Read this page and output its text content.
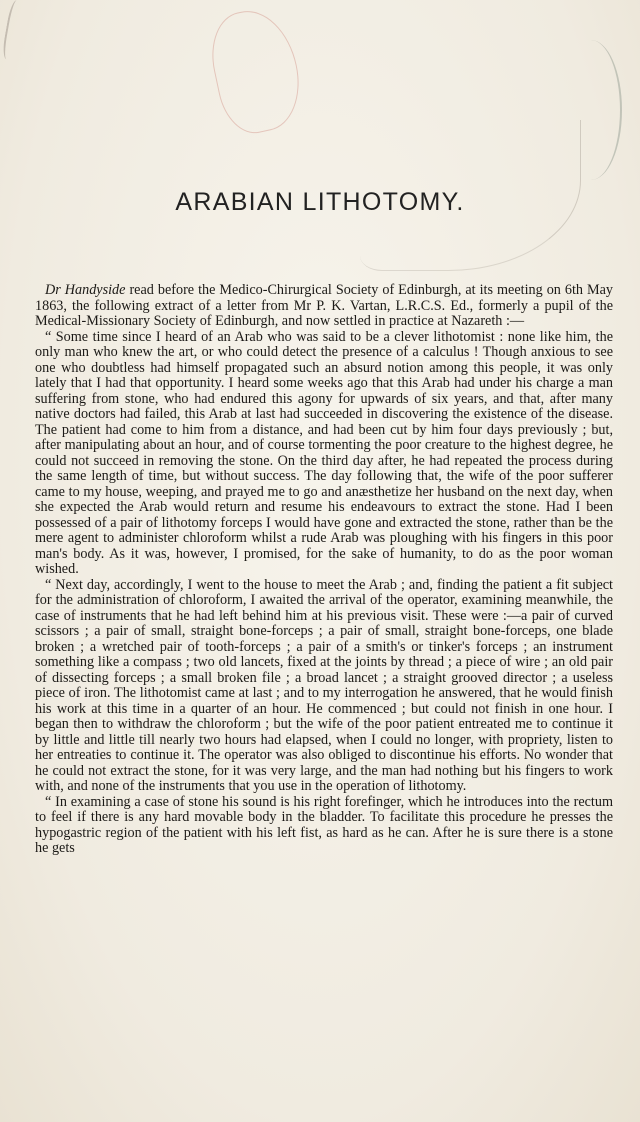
ARABIAN LITHOTOMY.

Dr Handyside read before the Medico-Chirurgical Society of Edinburgh, at its meeting on 6th May 1863, the following extract of a letter from Mr P. K. Vartan, L.R.C.S. Ed., formerly a pupil of the Medical-Missionary Society of Edinburgh, and now settled in practice at Nazareth :—

“ Some time since I heard of an Arab who was said to be a clever lithotomist : none like him, the only man who knew the art, or who could detect the presence of a calculus ! Though anxious to see one who doubtless had himself propagated such an absurd notion among this people, it was only lately that I had that opportunity. I heard some weeks ago that this Arab had under his charge a man suffering from stone, who had endured this agony for upwards of six years, and that, after many native doctors had failed, this Arab at last had succeeded in discovering the existence of the disease. The patient had come to him from a distance, and had been cut by him four days previously ; but, after manipulating about an hour, and of course tormenting the poor creature to the highest degree, he could not succeed in removing the stone. On the third day after, he had repeated the process during the same length of time, but without success. The day following that, the wife of the poor sufferer came to my house, weeping, and prayed me to go and anæsthetize her husband on the next day, when she expected the Arab would return and resume his endeavours to extract the stone. Had I been possessed of a pair of lithotomy forceps I would have gone and extracted the stone, rather than be the mere agent to administer chloroform whilst a rude Arab was ploughing with his fingers in this poor man's body. As it was, however, I promised, for the sake of humanity, to do as the poor woman wished.

“ Next day, accordingly, I went to the house to meet the Arab ; and, finding the patient a fit subject for the administration of chloroform, I awaited the arrival of the operator, examining meanwhile, the case of instruments that he had left behind him at his previous visit. These were :—a pair of curved scissors ; a pair of small, straight bone-forceps ; a pair of small, straight bone-forceps, one blade broken ; a wretched pair of tooth-forceps ; a pair of a smith's or tinker's forceps ; an instrument something like a compass ; two old lancets, fixed at the joints by thread ; a piece of wire ; an old pair of dissecting forceps ; a small broken file ; a broad lancet ; a straight grooved director ; a useless piece of iron. The lithotomist came at last ; and to my interrogation he answered, that he would finish his work at this time in a quarter of an hour. He commenced ; but could not finish in one hour. I began then to withdraw the chloroform ; but the wife of the poor patient entreated me to continue it by little and little till nearly two hours had elapsed, when I could no longer, with propriety, listen to her entreaties to continue it. The operator was also obliged to discontinue his efforts. No wonder that he could not extract the stone, for it was very large, and the man had nothing but his fingers to work with, and none of the instruments that you use in the operation of lithotomy.

“ In examining a case of stone his sound is his right forefinger, which he introduces into the rectum to feel if there is any hard movable body in the bladder. To facilitate this procedure he presses the hypogastric region of the patient with his left fist, as hard as he can. After he is sure there is a stone he gets
